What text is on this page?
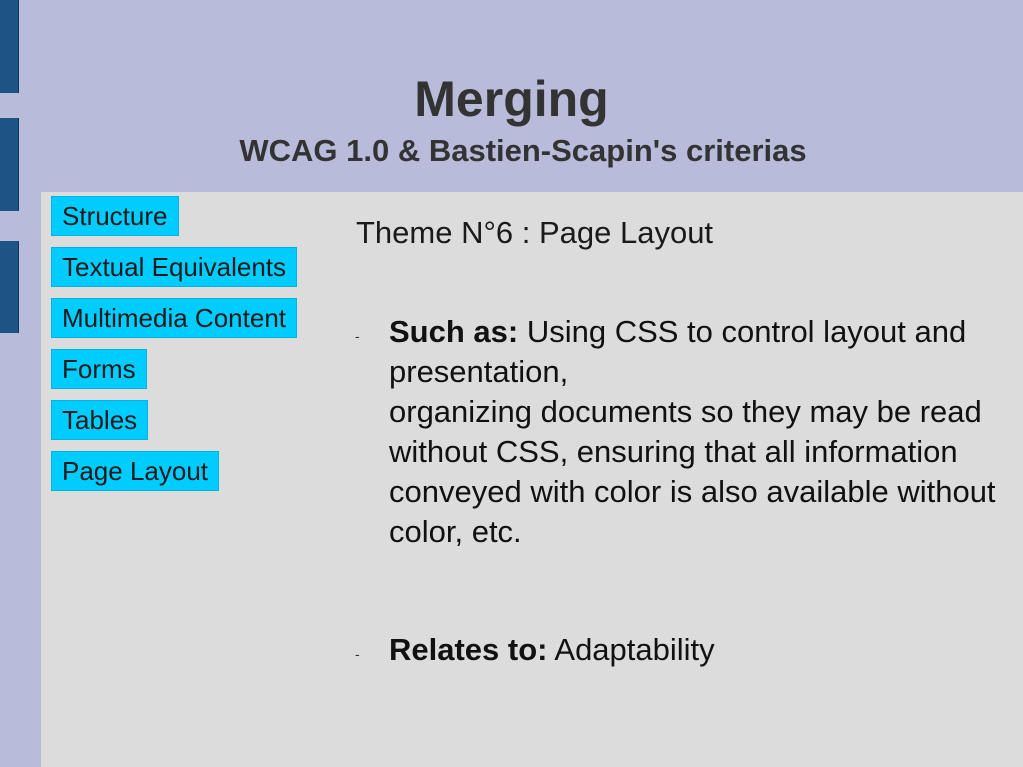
Merging
WCAG 1.0 & Bastien-Scapin's criterias
Structure
Textual Equivalents
Multimedia Content
Forms
Tables
Page Layout
Theme N°6 : Page Layout
- Such as: Using CSS to control layout and presentation,
organizing documents so they may be read without CSS, ensuring that all information conveyed with color is also available without color, etc.
- Relates to: Adaptability
